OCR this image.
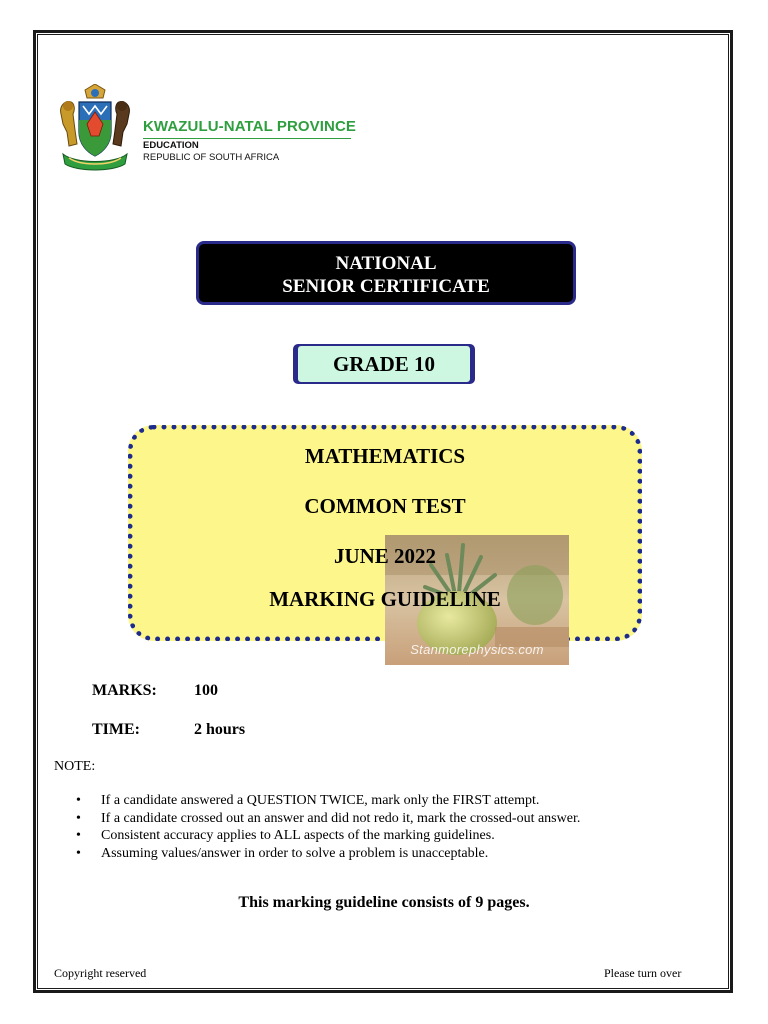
KWAZULU-NATAL PROVINCE
EDUCATION
REPUBLIC OF SOUTH AFRICA
NATIONAL
SENIOR CERTIFICATE
GRADE 10
Stanmorephysics.com
MATHEMATICS
COMMON TEST
JUNE 2022
MARKING GUIDELINE
MARKS: 100
TIME:	2 hours
NOTE:
• If a candidate answered a QUESTION TWICE, mark only the FIRST attempt.
• If a candidate crossed out an answer and did not redo it, mark the crossed-out answer.
• Consistent accuracy applies to ALL aspects of the marking guidelines.
• Assuming values/answer in order to solve a problem is unacceptable.
This marking guideline consists of 9 pages.
Copyright reserved	Please turn over
